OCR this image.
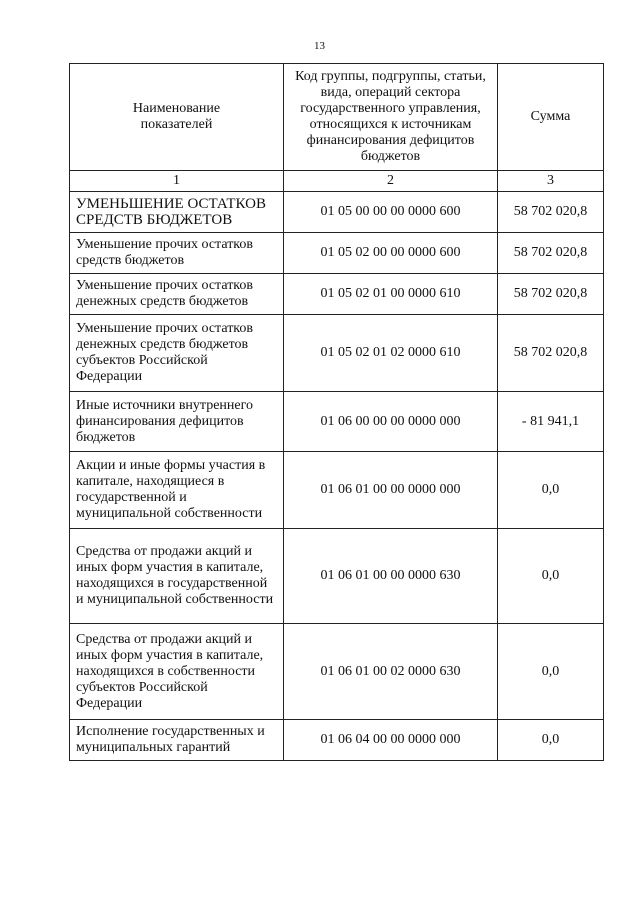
13
Наименование показателей	Код группы, подгруппы, статьи, вида, операций сектора государственного управления, относящихся к источникам финансирования дефицитов бюджетов	Сумма
1	2	3
УМЕНЬШЕНИЕ ОСТАТКОВ СРЕДСТВ БЮДЖЕТОВ	01 05 00 00 00 0000 600	58 702 020,8
Уменьшение прочих остатков средств бюджетов	01 05 02 00 00 0000 600	58 702 020,8
Уменьшение прочих остатков денежных средств бюджетов	01 05 02 01 00 0000 610	58 702 020,8
Уменьшение прочих остатков денежных средств бюджетов субъектов Российской Федерации	01 05 02 01 02 0000 610	58 702 020,8
Иные источники внутреннего финансирования дефицитов бюджетов	01 06 00 00 00 0000 000	- 81 941,1
Акции и иные формы участия в капитале, находящиеся в государственной и муниципальной собственности	01 06 01 00 00 0000 000	0,0
Средства от продажи акций и иных форм участия в капитале, находящихся в государственной и муниципальной собственности	01 06 01 00 00 0000 630	0,0
Средства от продажи акций и иных форм участия в капитале, находящихся в собственности субъектов Российской Федерации	01 06 01 00 02 0000 630	0,0
Исполнение государственных и муниципальных гарантий	01 06 04 00 00 0000 000	0,0
